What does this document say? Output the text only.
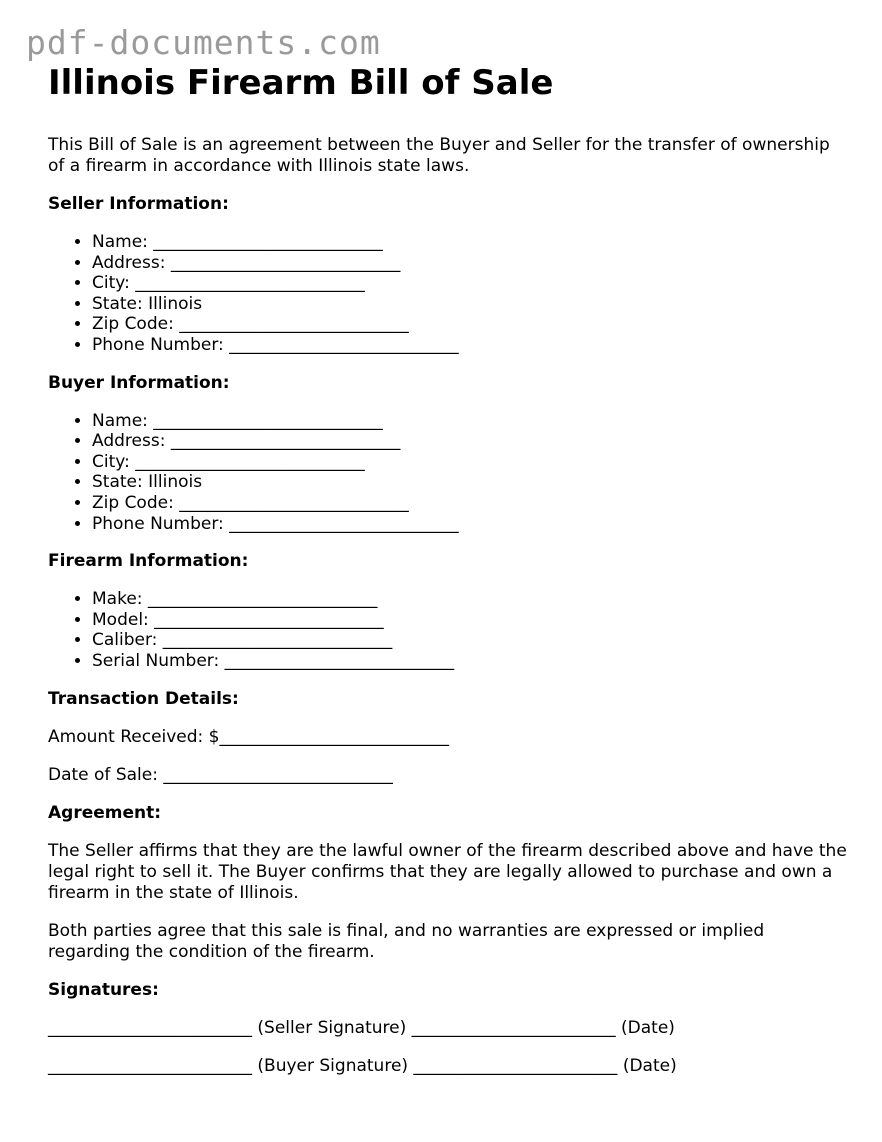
pdf-documents.com
Illinois Firearm Bill of Sale

This Bill of Sale is an agreement between the Buyer and Seller for the transfer of ownership of a firearm in accordance with Illinois state laws.

Seller Information:
• Name: ___________________________
• Address: ___________________________
• City: ___________________________
• State: Illinois
• Zip Code: ___________________________
• Phone Number: ___________________________
Buyer Information:
• Name: ___________________________
• Address: ___________________________
• City: ___________________________
• State: Illinois
• Zip Code: ___________________________
• Phone Number: ___________________________
Firearm Information:
• Make: ___________________________
• Model: ___________________________
• Caliber: ___________________________
• Serial Number: ___________________________
Transaction Details:

Amount Received: $___________________________

Date of Sale: ___________________________

Agreement:

The Seller affirms that they are the lawful owner of the firearm described above and have the legal right to sell it. The Buyer confirms that they are legally allowed to purchase and own a firearm in the state of Illinois.

Both parties agree that this sale is final, and no warranties are expressed or implied regarding the condition of the firearm.

Signatures:

________________________ (Seller Signature) ________________________ (Date)

________________________ (Buyer Signature) ________________________ (Date)
